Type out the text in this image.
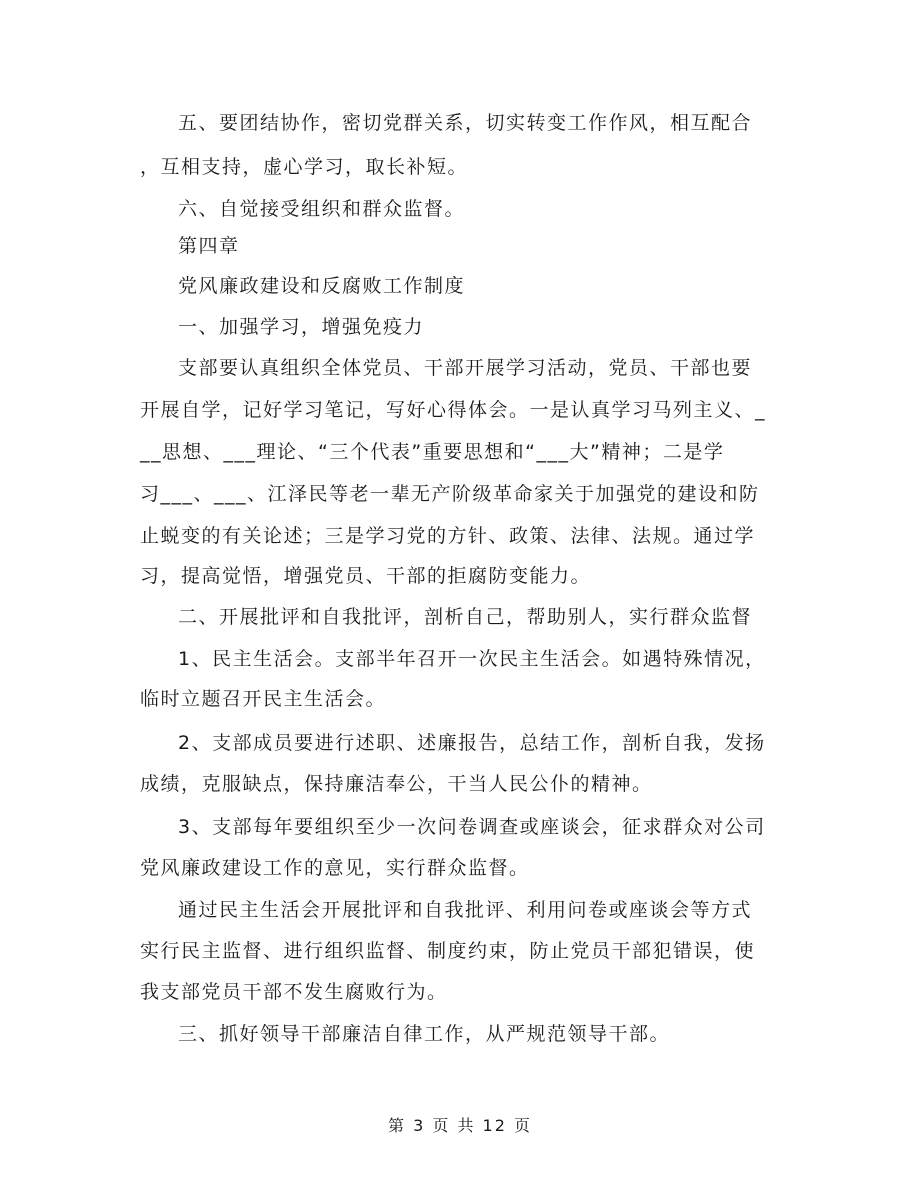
五、要团结协作，密切党群关系，切实转变工作作风，相互配合
，互相支持，虚心学习，取长补短。
六、自觉接受组织和群众监督。
第四章
党风廉政建设和反腐败工作制度
一、加强学习，增强免疫力
支部要认真组织全体党员、干部开展学习活动，党员、干部也要
开展自学，记好学习笔记，写好心得体会。一是认真学习马列主义、_
__思想、___理论、“三个代表”重要思想和“___大”精神；二是学
习___、___、江泽民等老一辈无产阶级革命家关于加强党的建设和防
止蜕变的有关论述；三是学习党的方针、政策、法律、法规。通过学
习，提高觉悟，增强党员、干部的拒腐防变能力。
二、开展批评和自我批评，剖析自己，帮助别人，实行群众监督
1、民主生活会。支部半年召开一次民主生活会。如遇特殊情况，
临时立题召开民主生活会。
2、支部成员要进行述职、述廉报告，总结工作，剖析自我，发扬
成绩，克服缺点，保持廉洁奉公，干当人民公仆的精神。
3、支部每年要组织至少一次问卷调查或座谈会，征求群众对公司
党风廉政建设工作的意见，实行群众监督。
通过民主生活会开展批评和自我批评、利用问卷或座谈会等方式
实行民主监督、进行组织监督、制度约束，防止党员干部犯错误，使
我支部党员干部不发生腐败行为。
三、抓好领导干部廉洁自律工作，从严规范领导干部。
第 3 页 共 12 页
